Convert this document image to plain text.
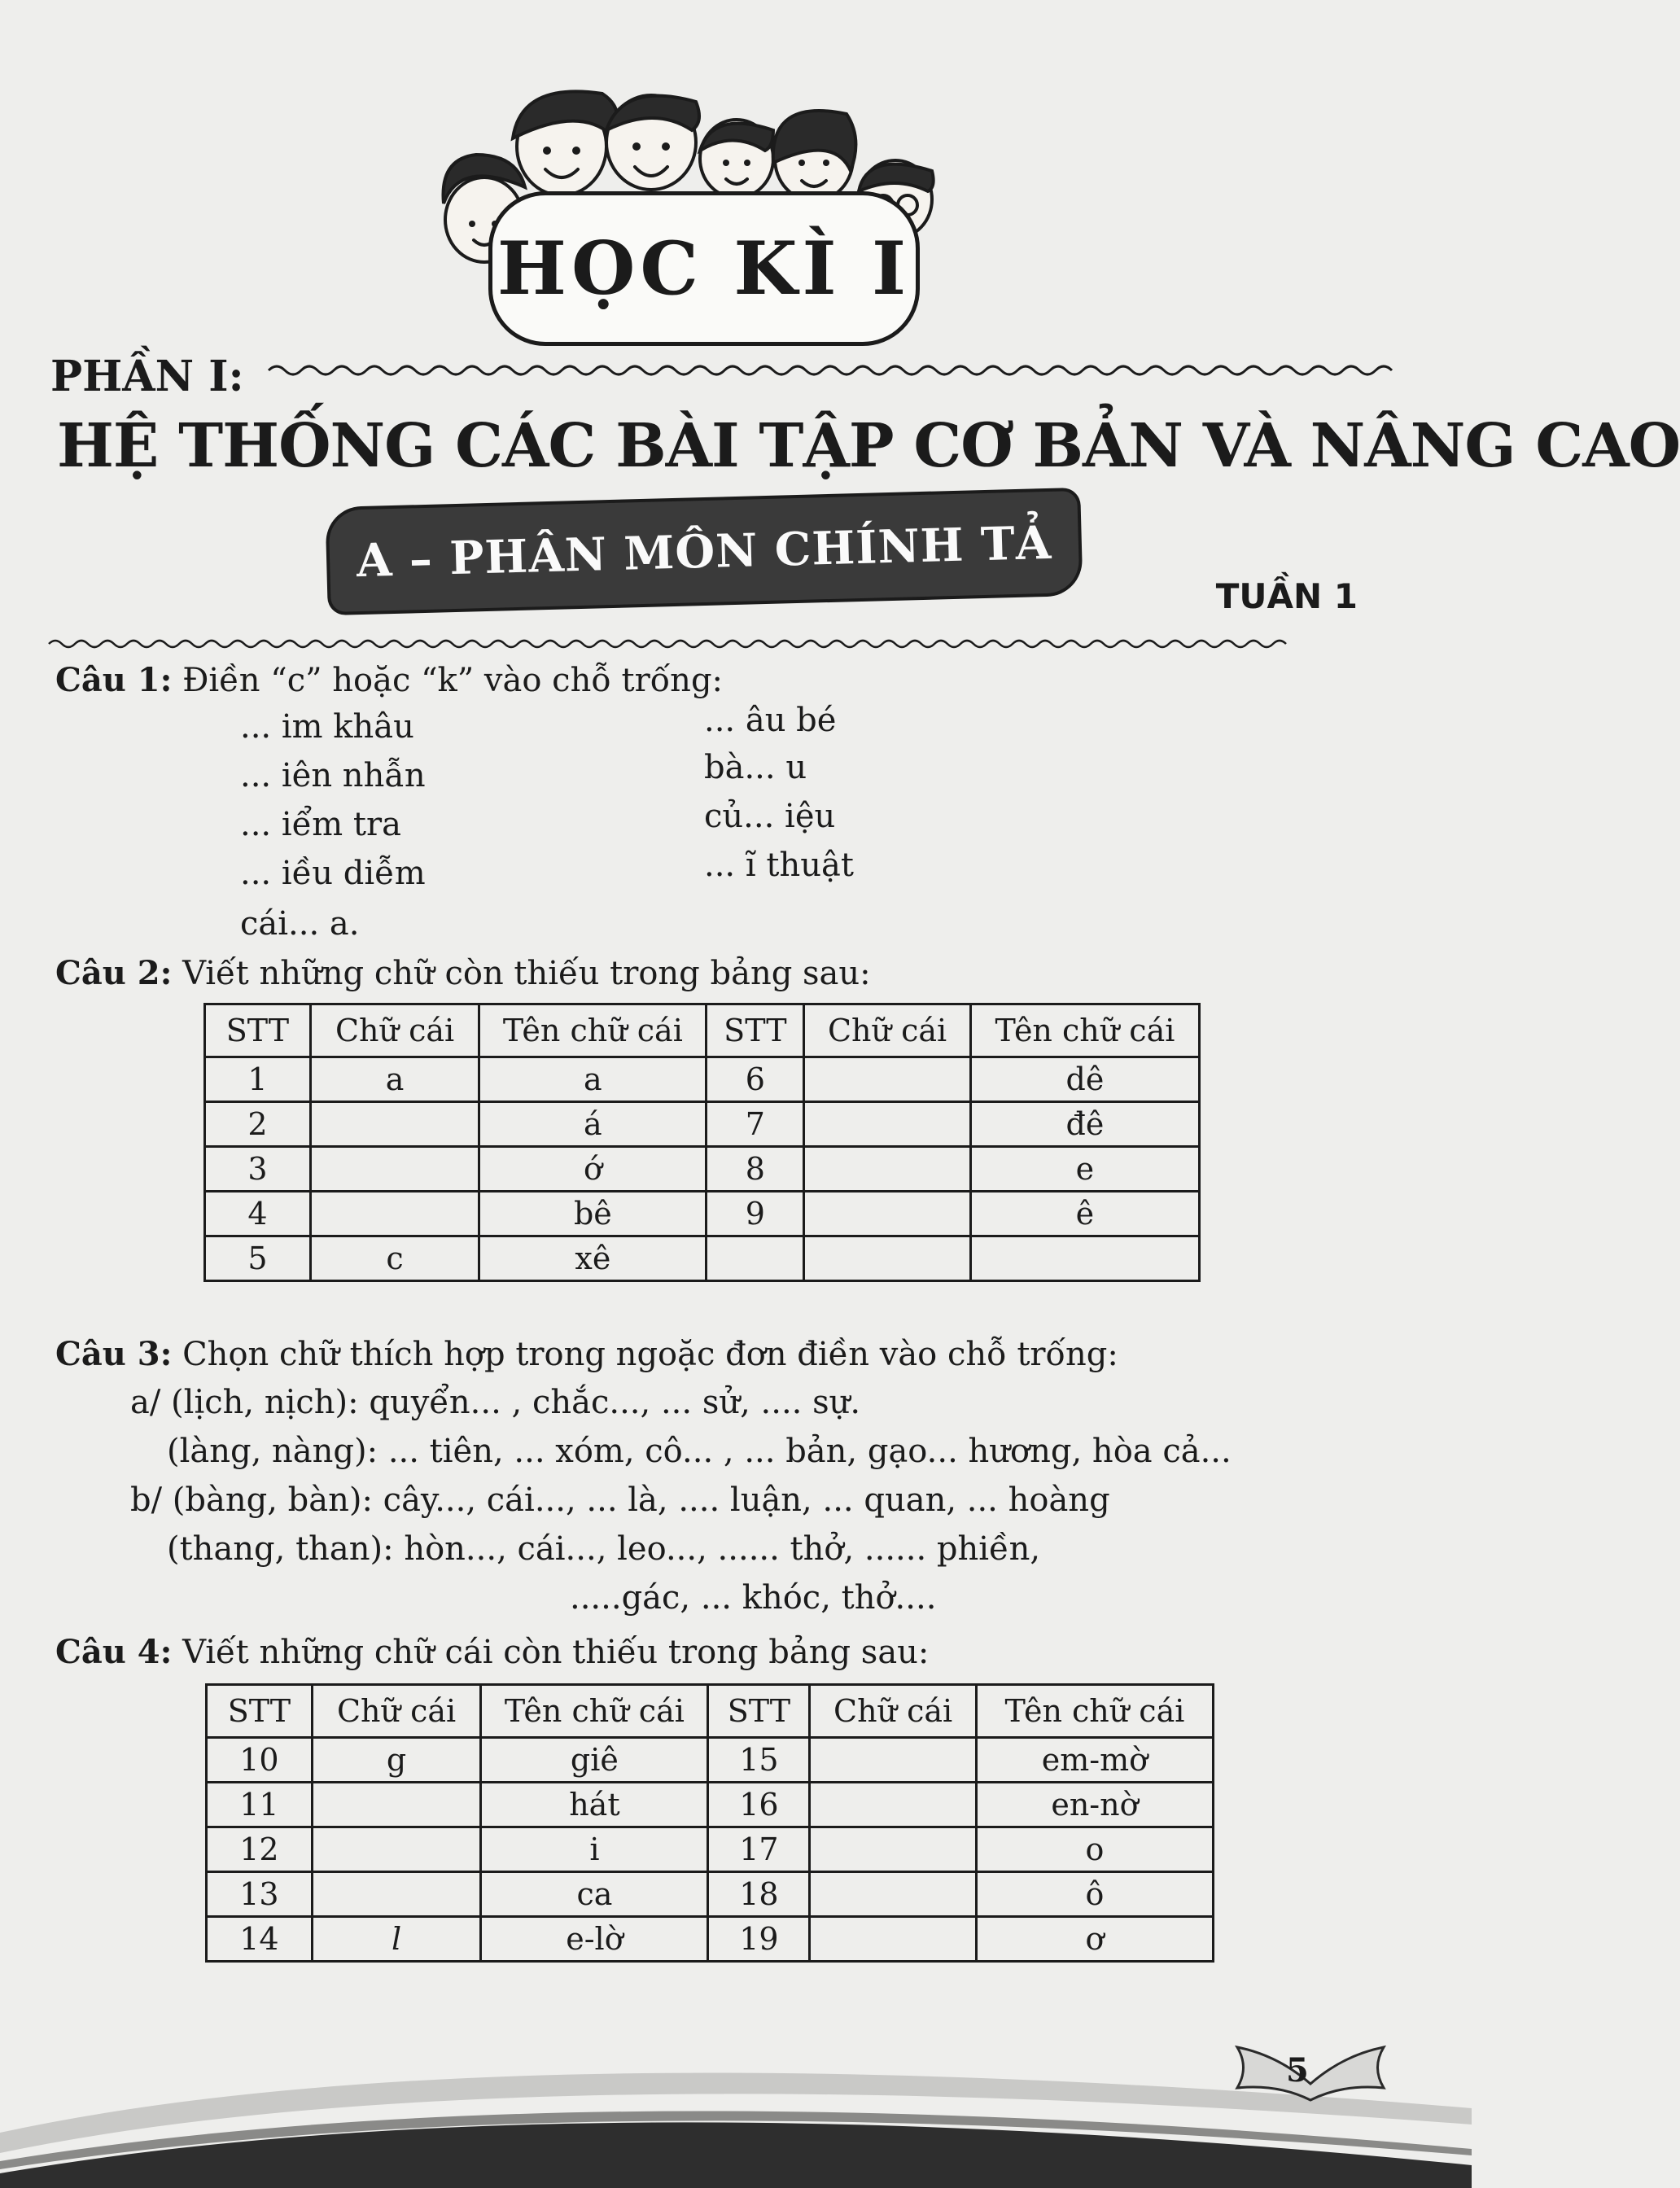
HỌC KÌ I
PHẦN I:
HỆ THỐNG CÁC BÀI TẬP CƠ BẢN VÀ NÂNG CAO
A – PHÂN MÔN CHÍNH TẢ
TUẦN 1
Câu 1: Điền “c” hoặc “k” vào chỗ trống:
... im khâu
... iên nhẫn
... iểm tra
... iều diễm
cái... a.
... âu bé
bà... u
củ... iệu
... ĩ thuật
Câu 2: Viết những chữ còn thiếu trong bảng sau:
STT	Chữ cái	Tên chữ cái	STT	Chữ cái	Tên chữ cái
1	a	a	6		dê
2		á	7		đê
3		ớ	8		e
4		bê	9		ê
5	c	xê			
Câu 3: Chọn chữ thích hợp trong ngoặc đơn điền vào chỗ trống:
a/ (lịch, nịch): quyển... , chắc..., ... sử, .... sự.
(làng, nàng): ... tiên, ... xóm, cô... , ... bản, gạo... hương, hòa cả...
b/ (bàng, bàn): cây..., cái..., ... là, .... luận, ... quan, ... hoàng
(thang, than): hòn..., cái..., leo..., ...... thở, ...... phiền,
.....gác, ... khóc, thở....
Câu 4: Viết những chữ cái còn thiếu trong bảng sau:
STT	Chữ cái	Tên chữ cái	STT	Chữ cái	Tên chữ cái
10	g	giê	15		em-mờ
11		hát	16		en-nờ
12		i	17		o
13		ca	18		ô
14	l	e-lờ	19		ơ
5
